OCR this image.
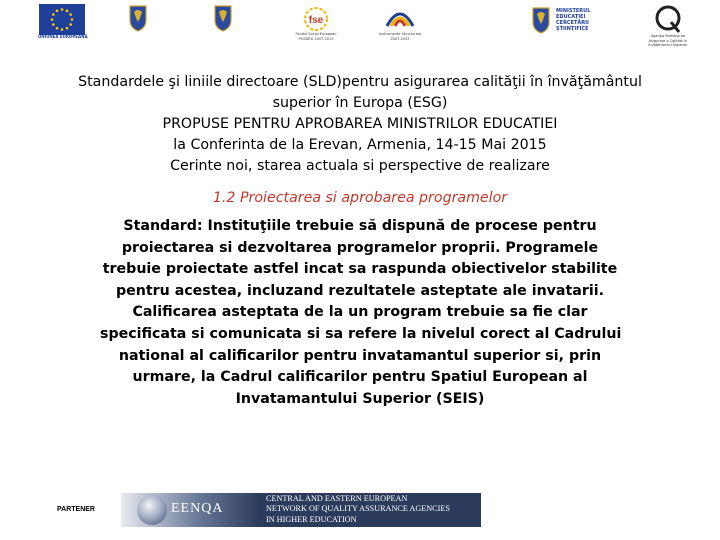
UNIUNEA EUROPEANĂ
fse
Fondul Social European
POSDRU 2007-2013
Instrumente Structurale
2007-2013
MINISTERUL
EDUCAȚIEI
CERCETĂRII
ȘTIINȚIFICE
Agenția Română de
Asigurare a Calității în
Învățământul Superior
Standardele şi liniile directoare (SLD)pentru asigurarea calităţii în învăţământul
superior în Europa (ESG)
PROPUSE PENTRU APROBAREA MINISTRILOR EDUCATIEI
la Conferinta de la Erevan, Armenia, 14-15 Mai 2015
Cerinte noi, starea actuala si perspective de realizare
1.2 Proiectarea si aprobarea programelor
Standard: Instituţiile trebuie să dispună de procese pentru
proiectarea si dezvoltarea programelor proprii. Programele
trebuie proiectate astfel incat sa raspunda obiectivelor stabilite
pentru acestea, incluzand rezultatele asteptate ale invatarii.
Calificarea asteptata de la un program trebuie sa fie clar
specificata si comunicata si sa refere la nivelul corect al Cadrului
national al calificarilor pentru invatamantul superior si, prin
urmare, la Cadrul calificarilor pentru Spatiul European al
Invatamantului Superior (SEIS)
PARTENER	EENQA
CENTRAL AND EASTERN EUROPEAN
NETWORK OF QUALITY ASSURANCE AGENCIES
IN HIGHER EDUCATION
